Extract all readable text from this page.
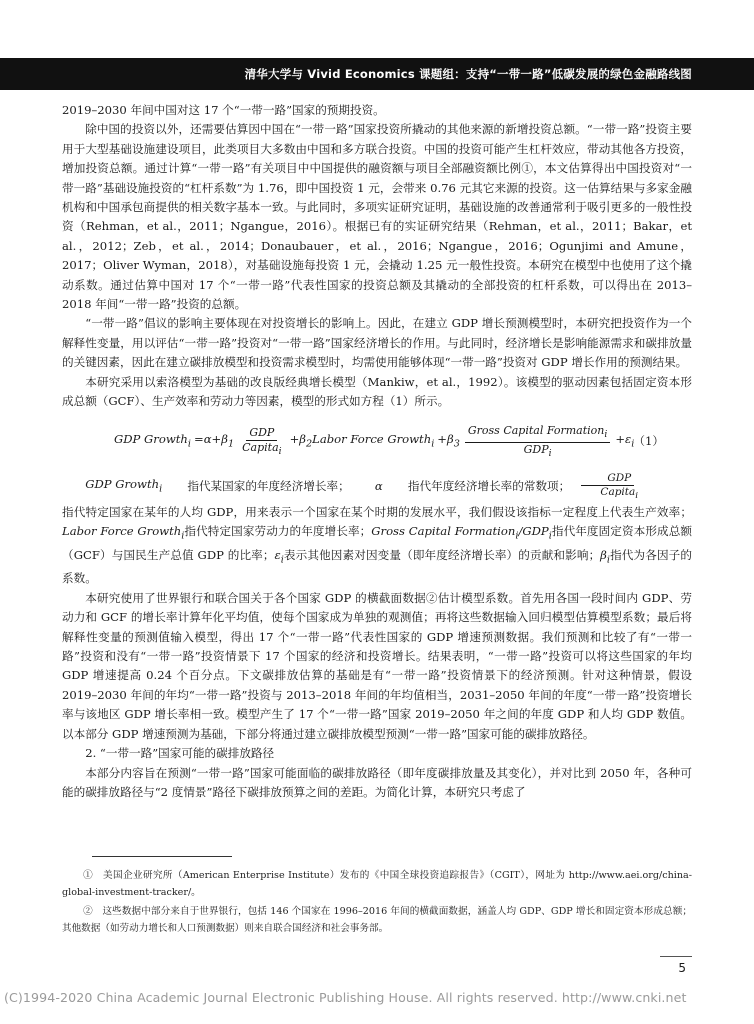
清华大学与 Vivid Economics 课题组：支持“一带一路”低碳发展的绿色金融路线图

2019–2030 年间中国对这 17 个“一带一路”国家的预期投资。

除中国的投资以外，还需要估算因中国在“一带一路”国家投资所撬动的其他来源的新增投资总额。“一带一路”投资主要用于大型基础设施建设项目，此类项目大多数由中国和多方联合投资。中国的投资可能产生杠杆效应，带动其他各方投资，增加投资总额。通过计算“一带一路”有关项目中中国提供的融资额与项目全部融资额比例①，本文估算得出中国投资对“一带一路”基础设施投资的“杠杆系数”为 1.76，即中国投资 1 元，会带来 0.76 元其它来源的投资。这一估算结果与多家金融机构和中国承包商提供的相关数字基本一致。与此同时，多项实证研究证明，基础设施的改善通常利于吸引更多的一般性投资（Rehman，et al.，2011；Ngangue，2016）。根据已有的实证研究结果（Rehman，et al.，2011；Bakar，et al.，2012；Zeb，et al.，2014；Donaubauer，et al.，2016；Ngangue，2016；Ogunjimi and Amune，2017；Oliver Wyman，2018），对基础设施每投资 1 元，会撬动 1.25 元一般性投资。本研究在模型中也使用了这个撬动系数。通过估算中国对 17 个“一带一路”代表性国家的投资总额及其撬动的全部投资的杠杆系数，可以得出在 2013–2018 年间“一带一路”投资的总额。

“一带一路”倡议的影响主要体现在对投资增长的影响上。因此，在建立 GDP 增长预测模型时，本研究把投资作为一个解释性变量，用以评估“一带一路”投资对“一带一路”国家经济增长的作用。与此同时，经济增长是影响能源需求和碳排放量的关键因素，因此在建立碳排放模型和投资需求模型时，均需使用能够体现“一带一路”投资对 GDP 增长作用的预测结果。

本研究采用以索洛模型为基础的改良版经典增长模型（Mankiw，et al.，1992）。该模型的驱动因素包括固定资本形成总额（GCF）、生产效率和劳动力等因素，模型的形式如方程（1）所示。

GDP Growth$_i$ $=\alpha+\beta_1 \frac{\text{GDP}}{Capita_i}$ $+\beta_2Labor$ Force Growth$_i$ $+\beta_3 \frac{Gross Capital Formation_i}{GDP_i} +\varepsilon_i$ （1）
GDP Growth$_i$	指代某国家的年度经济增长率；	α	指代年度经济增长率的常数项； $\frac{\text{GDP}}{Capita_i}$

指代特定国家在某年的人均 GDP，用来表示一个国家在某个时期的发展水平，我们假设该指标一定程度上代表生产效率；Labor Force Growth$_i$指代特定国家劳动力的年度增长率；Gross Capital $Formation_i/GDP_i$指代年度固定资本形成总额（GCF）与国民生产总值 GDP 的比率；$\varepsilon_i$表示其他因素对因变量（即年度经济增长率）的贡献和影响；$\beta_i$指代为各因子的系数。

本研究使用了世界银行和联合国关于各个国家 GDP 的横截面数据②估计模型系数。首先用各国一段时间内 GDP、劳动力和 GCF 的增长率计算年化平均值，使每个国家成为单独的观测值；再将这些数据输入回归模型估算模型系数；最后将解释性变量的预测值输入模型，得出 17 个“一带一路”代表性国家的 GDP 增速预测数据。我们预测和比较了有“一带一路”投资和没有“一带一路”投资情景下 17 个国家的经济和投资增长。结果表明，“一带一路”投资可以将这些国家的年均 GDP 增速提高 0.24 个百分点。下文碳排放估算的基础是有“一带一路”投资情景下的经济预测。针对这种情景，假设 2019–2030 年间的年均“一带一路”投资与 2013–2018 年间的年均值相当，2031–2050 年间的年度“一带一路”投资增长率与该地区 GDP 增长率相一致。模型产生了 17 个“一带一路”国家 2019–2050 年之间的年度 GDP 和人均 GDP 数值。以本部分 GDP 增速预测为基础，下部分将通过建立碳排放模型预测“一带一路”国家可能的碳排放路径。

2. “一带一路”国家可能的碳排放路径

本部分内容旨在预测“一带一路”国家可能面临的碳排放路径（即年度碳排放量及其变化），并对比到 2050 年，各种可能的碳排放路径与“2 度情景”路径下碳排放预算之间的差距。为简化计算，本研究只考虑了

①　美国企业研究所（American Enterprise Institute）发布的《中国全球投资追踪报告》（CGIT），网址为 http://www.aei.org/china-global-investment-tracker/。

②　这些数据中部分来自于世界银行，包括 146 个国家在 1996–2016 年间的横截面数据，涵盖人均 GDP、GDP 增长和固定资本形成总额；其他数据（如劳动力增长和人口预测数据）则来自联合国经济和社会事务部。

5
(C)1994-2020 China Academic Journal Electronic Publishing House. All rights reserved. http://www.cnki.net
